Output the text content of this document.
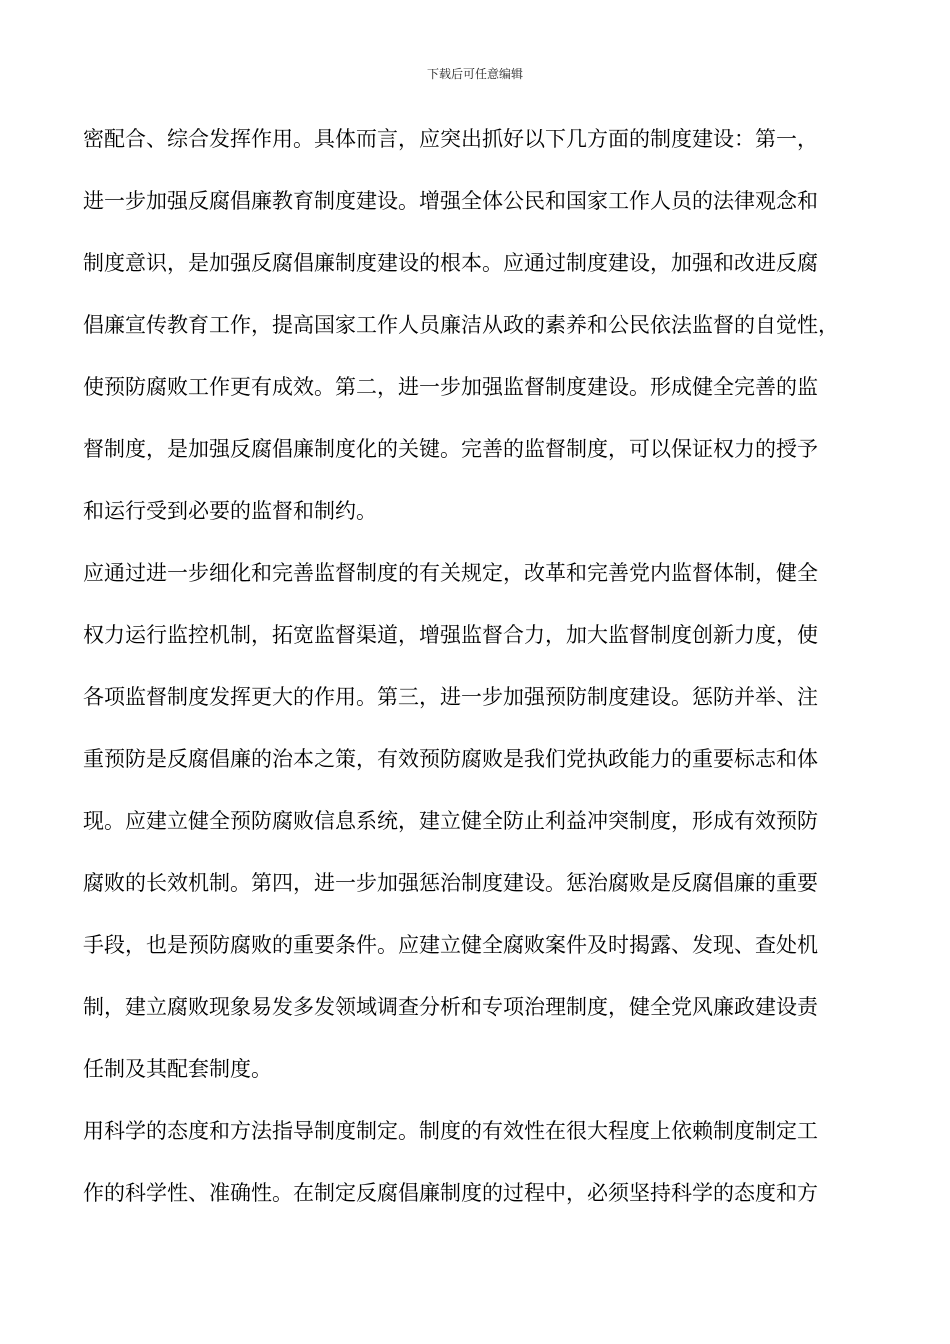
下载后可任意编辑
密配合、综合发挥作用。具体而言，应突出抓好以下几方面的制度建设：第一，
进一步加强反腐倡廉教育制度建设。增强全体公民和国家工作人员的法律观念和
制度意识，是加强反腐倡廉制度建设的根本。应通过制度建设，加强和改进反腐
倡廉宣传教育工作，提高国家工作人员廉洁从政的素养和公民依法监督的自觉性，
使预防腐败工作更有成效。第二，进一步加强监督制度建设。形成健全完善的监
督制度，是加强反腐倡廉制度化的关键。完善的监督制度，可以保证权力的授予
和运行受到必要的监督和制约。
应通过进一步细化和完善监督制度的有关规定，改革和完善党内监督体制，健全
权力运行监控机制，拓宽监督渠道，增强监督合力，加大监督制度创新力度，使
各项监督制度发挥更大的作用。第三，进一步加强预防制度建设。惩防并举、注
重预防是反腐倡廉的治本之策，有效预防腐败是我们党执政能力的重要标志和体
现。应建立健全预防腐败信息系统，建立健全防止利益冲突制度，形成有效预防
腐败的长效机制。第四，进一步加强惩治制度建设。惩治腐败是反腐倡廉的重要
手段，也是预防腐败的重要条件。应建立健全腐败案件及时揭露、发现、查处机
制，建立腐败现象易发多发领域调查分析和专项治理制度，健全党风廉政建设责
任制及其配套制度。
用科学的态度和方法指导制度制定。制度的有效性在很大程度上依赖制度制定工
作的科学性、准确性。在制定反腐倡廉制度的过程中，必须坚持科学的态度和方
